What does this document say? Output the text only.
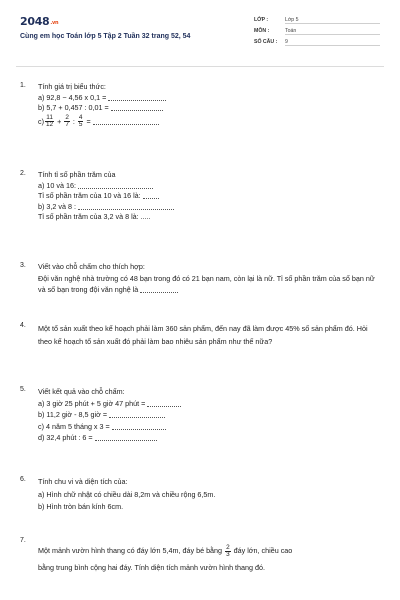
2048.vn
Cùng em học Toán lớp 5 Tập 2 Tuần 32 trang 52, 54
LỚP :	Lớp 5
MÔN :	Toán
SỐ CÂU : 9
1. Tính giá trị biểu thức:
a) 92,8 − 4,56 x 0,1 =
b) 5,7 + 0,457 : 0,01 =
$c) \frac{11}{12} + \frac{2}{7}$ : $\frac{4}{5}$ =
2. Tính tỉ số phần trăm của
a) 10 và 16:
Tỉ số phần trăm của 10 và 16 là:
b) 3,2 và 8 :
Tỉ số phần trăm của 3,2 và 8 là: .....
3. Viết vào chỗ chấm cho thích hợp:
Đội văn nghệ nhà trường có 48 bạn trong đó có 21 bạn nam, còn lại là nữ. Tỉ số phần trăm của số bạn nữ và số bạn trong đội văn nghệ là
4. Một tổ sản xuất theo kế hoạch phải làm 360 sản phẩm, đến nay đã làm được 45% số sản phẩm đó. Hỏi theo kế hoạch tổ sản xuất đó phải làm bao nhiêu sản phẩm như thế nữa?
5. Viết kết quả vào chỗ chấm:
a) 3 giờ 25 phút + 5 giờ 47 phút =
b) 11,2 giờ - 8,5 giờ =
c) 4 năm 5 tháng x 3 =
d) 32,4 phút : 6 =
6. Tính chu vi và diện tích của:
a) Hình chữ nhật có chiều dài 8,2m và chiều rộng 6,5m.
b) Hình tròn bán kính 6cm.
7.
Một mảnh vườn hình thang có đáy lớn 5,4m, đáy bé bằng $\frac{2}{3}$ đáy lớn, chiều cao
bằng trung bình cộng hai đáy. Tính diện tích mảnh vườn hình thang đó.
